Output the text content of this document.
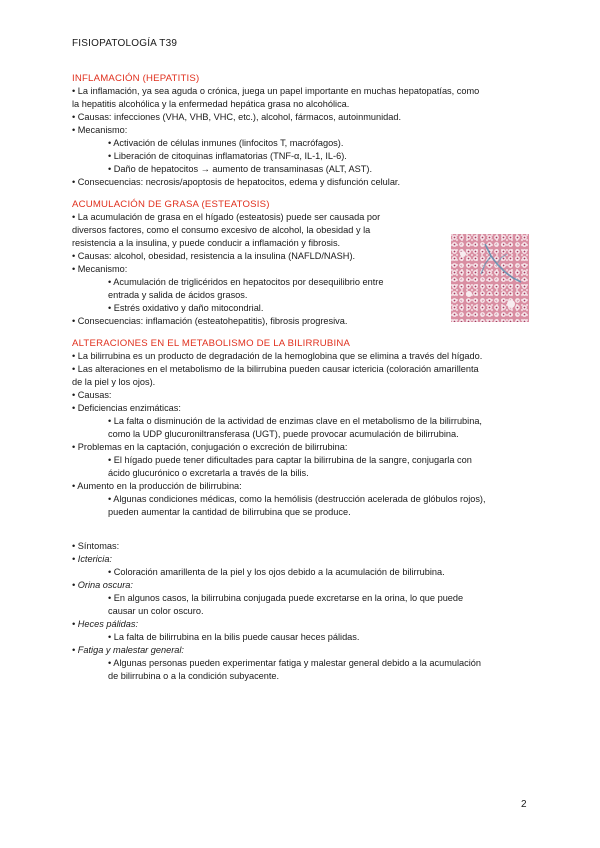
FISIOPATOLOGÍA T39

INFLAMACIÓN (HEPATITIS)

• La inflamación, ya sea aguda o crónica, juega un papel importante en muchas hepatopatías, como

la hepatitis alcohólica y la enfermedad hepática grasa no alcohólica.

• Causas: infecciones (VHA, VHB, VHC, etc.), alcohol, fármacos, autoinmunidad.

• Mecanismo:

• Activación de células inmunes (linfocitos T, macrófagos).

• Liberación de citoquinas inflamatorias (TNF-α, IL-1, IL-6).

• Daño de hepatocitos → aumento de transaminasas (ALT, AST).

• Consecuencias: necrosis/apoptosis de hepatocitos, edema y disfunción celular.

ACUMULACIÓN DE GRASA (ESTEATOSIS)

• La acumulación de grasa en el hígado (esteatosis) puede ser causada por

diversos factores, como el consumo excesivo de alcohol, la obesidad y la

resistencia a la insulina, y puede conducir a inflamación y fibrosis.

• Causas: alcohol, obesidad, resistencia a la insulina (NAFLD/NASH).

• Mecanismo:

• Acumulación de triglicéridos en hepatocitos por desequilibrio entre

entrada y salida de ácidos grasos.

• Estrés oxidativo y daño mitocondrial.

• Consecuencias: inflamación (esteatohepatitis), fibrosis progresiva.

ALTERACIONES EN EL METABOLISMO DE LA BILIRRUBINA

• La bilirrubina es un producto de degradación de la hemoglobina que se elimina a través del hígado.

• Las alteraciones en el metabolismo de la bilirrubina pueden causar ictericia (coloración amarillenta

de la piel y los ojos).

• Causas:

• Deficiencias enzimáticas:

• La falta o disminución de la actividad de enzimas clave en el metabolismo de la bilirrubina,

como la UDP glucuroniltransferasa (UGT), puede provocar acumulación de bilirrubina.

• Problemas en la captación, conjugación o excreción de bilirrubina:

• El hígado puede tener dificultades para captar la bilirrubina de la sangre, conjugarla con

ácido glucurónico o excretarla a través de la bilis.

• Aumento en la producción de bilirrubina:

• Algunas condiciones médicas, como la hemólisis (destrucción acelerada de glóbulos rojos),

pueden aumentar la cantidad de bilirrubina que se produce.

• Síntomas:

• Ictericia:

• Coloración amarillenta de la piel y los ojos debido a la acumulación de bilirrubina.

• Orina oscura:

• En algunos casos, la bilirrubina conjugada puede excretarse en la orina, lo que puede

causar un color oscuro.

• Heces pálidas:

• La falta de bilirrubina en la bilis puede causar heces pálidas.

• Fatiga y malestar general:

• Algunas personas pueden experimentar fatiga y malestar general debido a la acumulación

de bilirrubina o a la condición subyacente.

2
